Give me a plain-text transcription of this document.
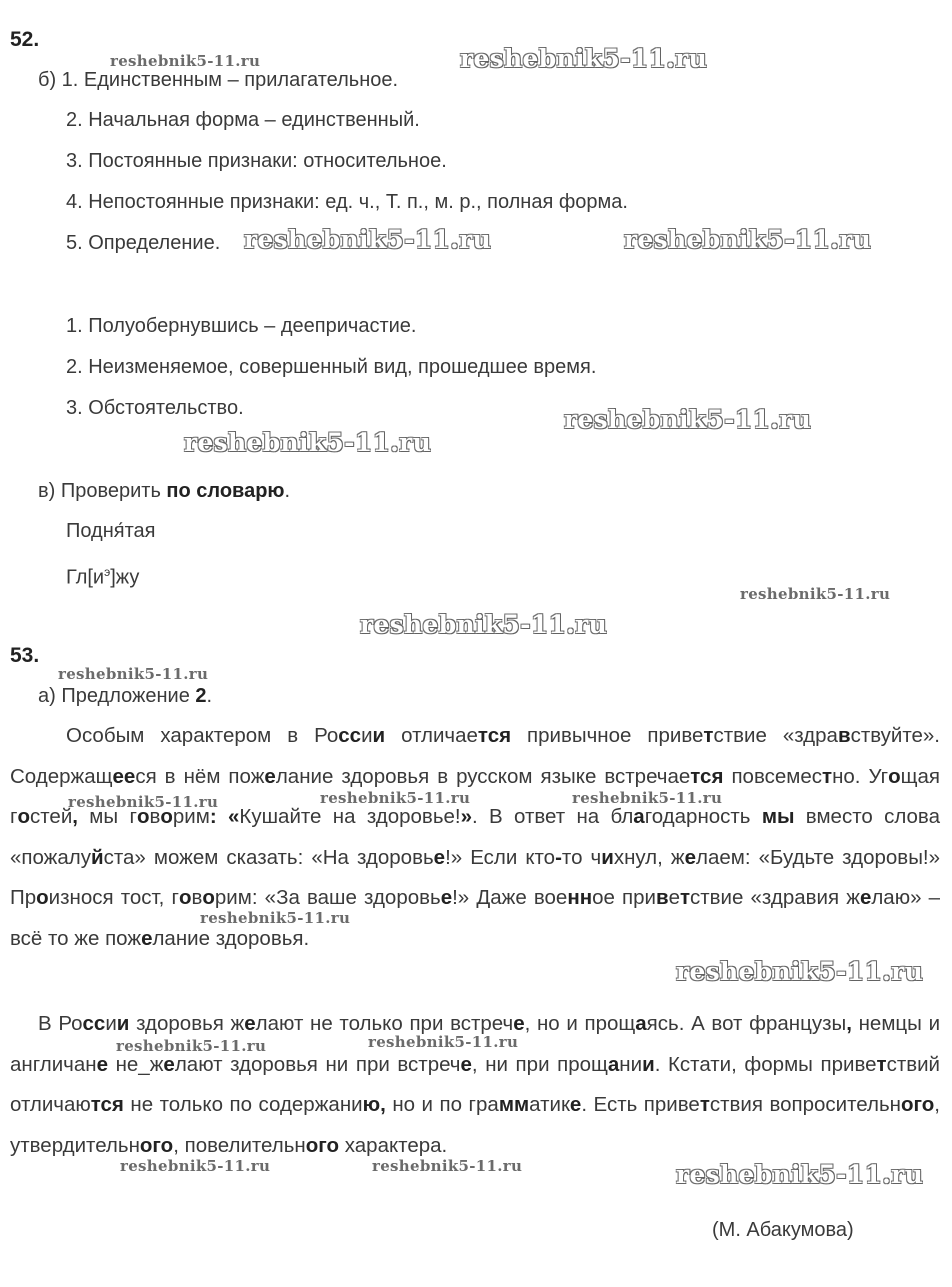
52.
б) 1. Единственным – прилагательное.
2. Начальная форма – единственный.
3. Постоянные признаки: относительное.
4. Непостоянные признаки: ед. ч., Т. п., м. р., полная форма.
5. Определение.
1. Полуобернувшись – деепричастие.
2. Неизменяемое, совершенный вид, прошедшее время.
3. Обстоятельство.
в) Проверить по словарю.
Подня́тая
$Гл[и^э]жу$
53.
а) Предложение 2.
Особым характером в России отличается привычное приветствие «здравствуйте». Содержащееся в нём пожелание здоровья в русском языке встречается повсеместно. Угощая гостей, мы говорим: «Кушайте на здоровье!». В ответ на благодарность мы вместо слова «пожалуйста» можем сказать: «На здоровье!» Если кто-то чихнул, желаем: «Будьте здоровы!» Произнося тост, говорим: «За ваше здоровье!» Даже военное приветствие «здравия желаю» – всё то же пожелание здоровья.
В России здоровья желают не только при встрече, но и прощаясь. А вот французы, немцы и англичане не_желают здоровья ни при встрече, ни при прощании. Кстати, формы приветствий отличаются не только по содержанию, но и по грамматике. Есть приветствия вопросительного, утвердительного, повелительного характера.
(М. Абакумова)
reshebnik5-11.ru	reshebnik5-11.ru
reshebnik5-11.ru	reshebnik5-11.ru
reshebnik5-11.ru
reshebnik5-11.ru
reshebnik5-11.ru
reshebnik5-11.ru
reshebnik5-11.ru
reshebnik5-11.ru	reshebnik5-11.ru	reshebnik5-11.ru
reshebnik5-11.ru
reshebnik5-11.ru
reshebnik5-11.ru	reshebnik5-11.ru
reshebnik5-11.ru	reshebnik5-11.ru	reshebnik5-11.ru
